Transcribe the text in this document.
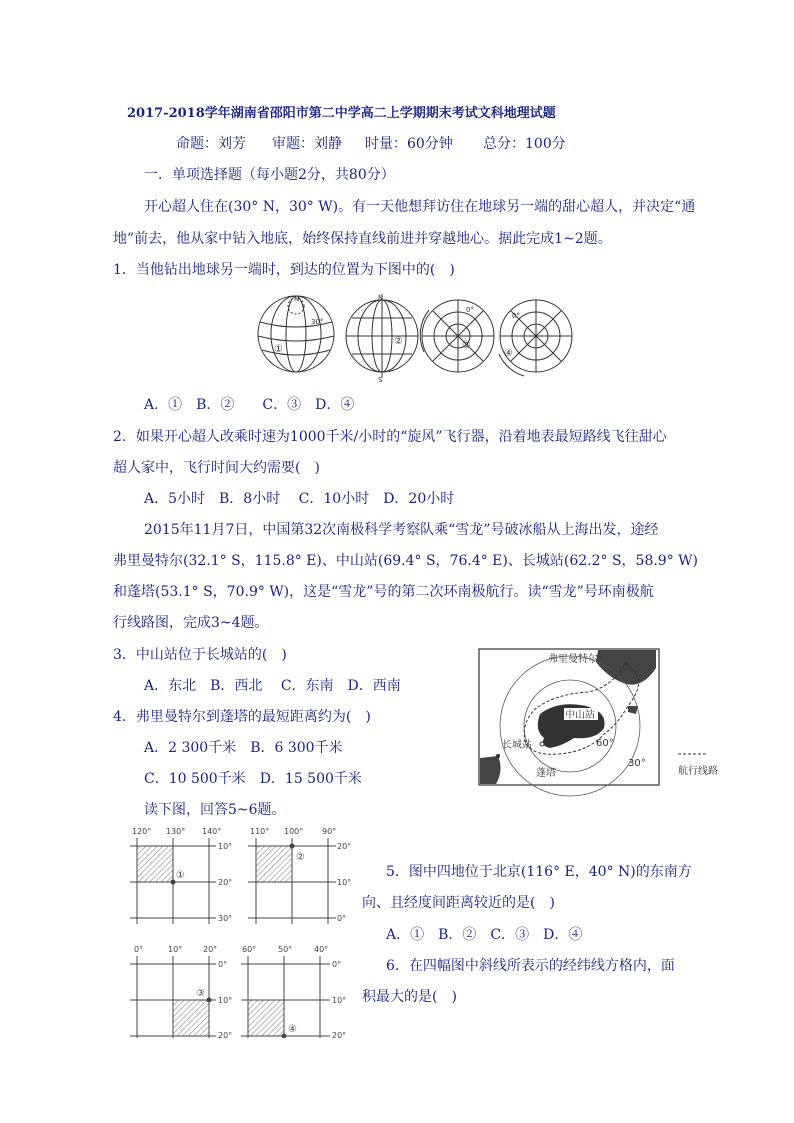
2017-2018学年湖南省邵阳市第二中学高二上学期期末考试文科地理试题
命题：刘芳 审题：刘静 时量：60分钟 总分：100分
一．单项选择题（每小题2分，共80分）
开心超人住在(30° N，30° W)。有一天他想拜访住在地球另一端的甜心超人，并决定“通
地”前去，他从家中钻入地底，始终保持直线前进并穿越地心。据此完成1~2题。
1．当他钻出地球另一端时，到达的位置为下图中的(　)
N
30°
①
N
S
②
0°
③
0°
④
A．①　B．②　　C．③　D．④
2．如果开心超人改乘时速为1000千米/小时的“旋风”飞行器，沿着地表最短路线飞往甜心
超人家中，飞行时间大约需要(　)
A．5小时　B．8小时　 C．10小时　D．20小时
2015年11月7日，中国第32次南极科学考察队乘“雪龙”号破冰船从上海出发，途经
弗里曼特尔(32.1° S，115.8° E)、中山站(69.4° S，76.4° E)、长城站(62.2° S，58.9° W)
和蓬塔(53.1° S，70.9° W)，这是“雪龙”号的第二次环南极航行。读“雪龙”号环南极航
行线路图，完成3~4题。
3．中山站位于长城站的(　)
A．东北　B．西北　 C．东南　D．西南
4．弗里曼特尔到蓬塔的最短距离约为(　)
A．2 300千米　B．6 300千米
C．10 500千米　D．15 500千米
弗里曼特尔
中山站
长城站
蓬塔
60°
30°
航行线路
读下图，回答5~6题。
120° 130° 140°
10°
20°
30°
①
110° 100° 90°
20°
10°
0°
②
0°	10°	20°
0°
10°
20°
③
60°	50°	40°
0°
10°
20°
④
5．图中四地位于北京(116° E，40° N)的东南方
向、且经度间距离较近的是(　)
A．①　B．②　C．③　D．④
6．在四幅图中斜线所表示的经纬线方格内，面
积最大的是(　)
